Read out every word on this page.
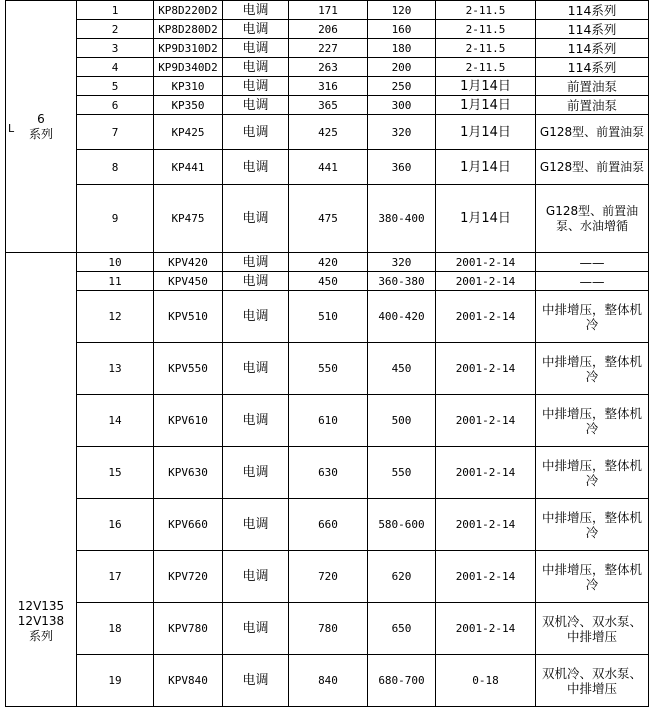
L
6
系列	1	KP8D220D2	电调	171	120	2-11.5	114系列
	2	KP8D280D2	电调	206	160	2-11.5	114系列
	3	KP9D310D2	电调	227	180	2-11.5	114系列
	4	KP9D340D2	电调	263	200	2-11.5	114系列
	5	KP310	电调	316	250	1月14日	前置油泵
	6	KP350	电调	365	300	1月14日	前置油泵
	7	KP425	电调	425	320	1月14日	G128型、前置油泵
	8	KP441	电调	441	360	1月14日	G128型、前置油泵
	9	KP475	电调	475	380-400	1月14日	G128型、前置油泵、水油增循

12V135
12V138
系列	10	KPV420	电调	420	320	2001-2-14	——
	11	KPV450	电调	450	360-380	2001-2-14	——
	12	KPV510	电调	510	400-420	2001-2-14	中排增压，整体机冷
	13	KPV550	电调	550	450	2001-2-14	中排增压，整体机冷
	14	KPV610	电调	610	500	2001-2-14	中排增压，整体机冷
	15	KPV630	电调	630	550	2001-2-14	中排增压，整体机冷
	16	KPV660	电调	660	580-600	2001-2-14	中排增压，整体机冷
	17	KPV720	电调	720	620	2001-2-14	中排增压，整体机冷
	18	KPV780	电调	780	650	2001-2-14	双机冷、双水泵、中排增压
	19	KPV840	电调	840	680-700	0-18	双机冷、双水泵、中排增压
